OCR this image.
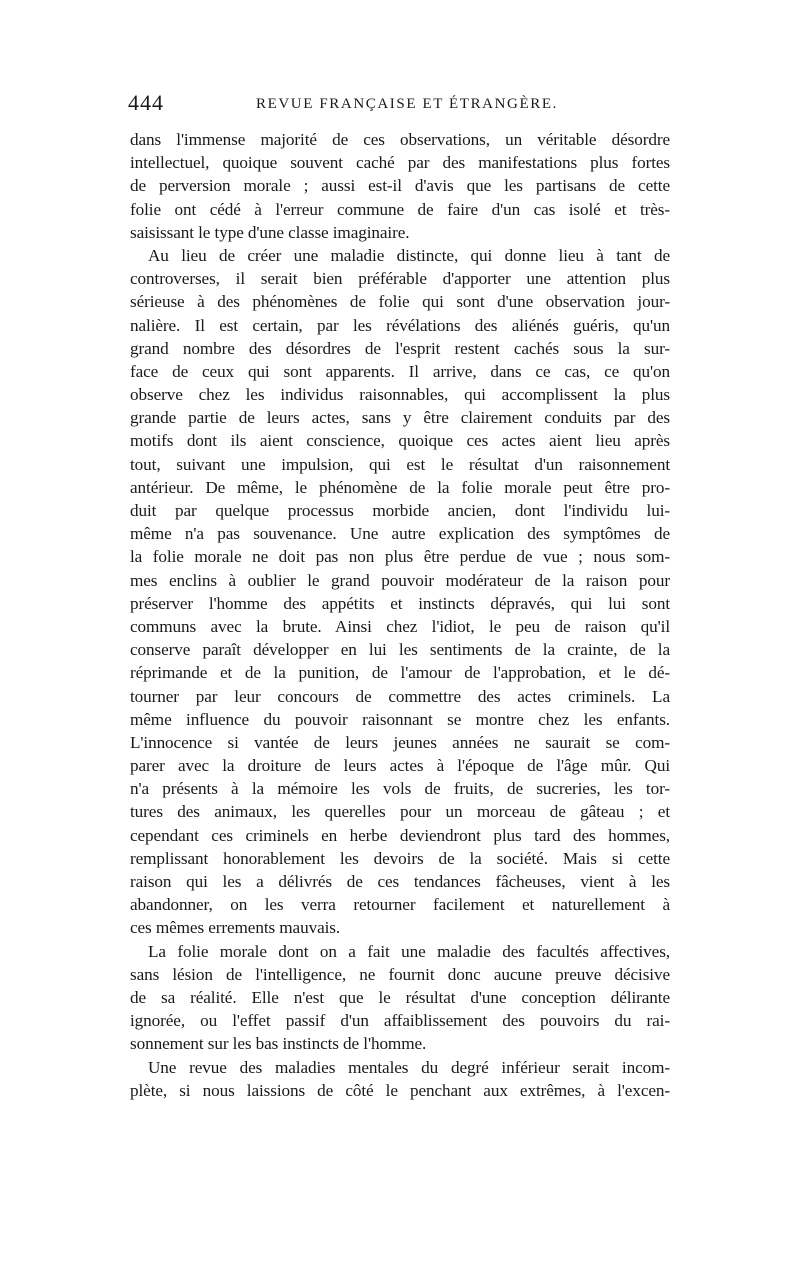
444	REVUE FRANÇAISE ET ÉTRANGÈRE.
dans l'immense majorité de ces observations, un véritable désordre
intellectuel, quoique souvent caché par des manifestations plus fortes
de perversion morale ; aussi est-il d'avis que les partisans de cette
folie ont cédé à l'erreur commune de faire d'un cas isolé et très-
saisissant le type d'une classe imaginaire.
Au lieu de créer une maladie distincte, qui donne lieu à tant de
controverses, il serait bien préférable d'apporter une attention plus
sérieuse à des phénomènes de folie qui sont d'une observation jour-
nalière. Il est certain, par les révélations des aliénés guéris, qu'un
grand nombre des désordres de l'esprit restent cachés sous la sur-
face de ceux qui sont apparents. Il arrive, dans ce cas, ce qu'on
observe chez les individus raisonnables, qui accomplissent la plus
grande partie de leurs actes, sans y être clairement conduits par des
motifs dont ils aient conscience, quoique ces actes aient lieu après
tout, suivant une impulsion, qui est le résultat d'un raisonnement
antérieur. De même, le phénomène de la folie morale peut être pro-
duit par quelque processus morbide ancien, dont l'individu lui-
même n'a pas souvenance. Une autre explication des symptômes de
la folie morale ne doit pas non plus être perdue de vue ; nous som-
mes enclins à oublier le grand pouvoir modérateur de la raison pour
préserver l'homme des appétits et instincts dépravés, qui lui sont
communs avec la brute. Ainsi chez l'idiot, le peu de raison qu'il
conserve paraît développer en lui les sentiments de la crainte, de la
réprimande et de la punition, de l'amour de l'approbation, et le dé-
tourner par leur concours de commettre des actes criminels. La
même influence du pouvoir raisonnant se montre chez les enfants.
L'innocence si vantée de leurs jeunes années ne saurait se com-
parer avec la droiture de leurs actes à l'époque de l'âge mûr. Qui
n'a présents à la mémoire les vols de fruits, de sucreries, les tor-
tures des animaux, les querelles pour un morceau de gâteau ; et
cependant ces criminels en herbe deviendront plus tard des hommes,
remplissant honorablement les devoirs de la société. Mais si cette
raison qui les a délivrés de ces tendances fâcheuses, vient à les
abandonner, on les verra retourner facilement et naturellement à
ces mêmes errements mauvais.
La folie morale dont on a fait une maladie des facultés affectives,
sans lésion de l'intelligence, ne fournit donc aucune preuve décisive
de sa réalité. Elle n'est que le résultat d'une conception délirante
ignorée, ou l'effet passif d'un affaiblissement des pouvoirs du rai-
sonnement sur les bas instincts de l'homme.
Une revue des maladies mentales du degré inférieur serait incom-
plète, si nous laissions de côté le penchant aux extrêmes, à l'excen-
